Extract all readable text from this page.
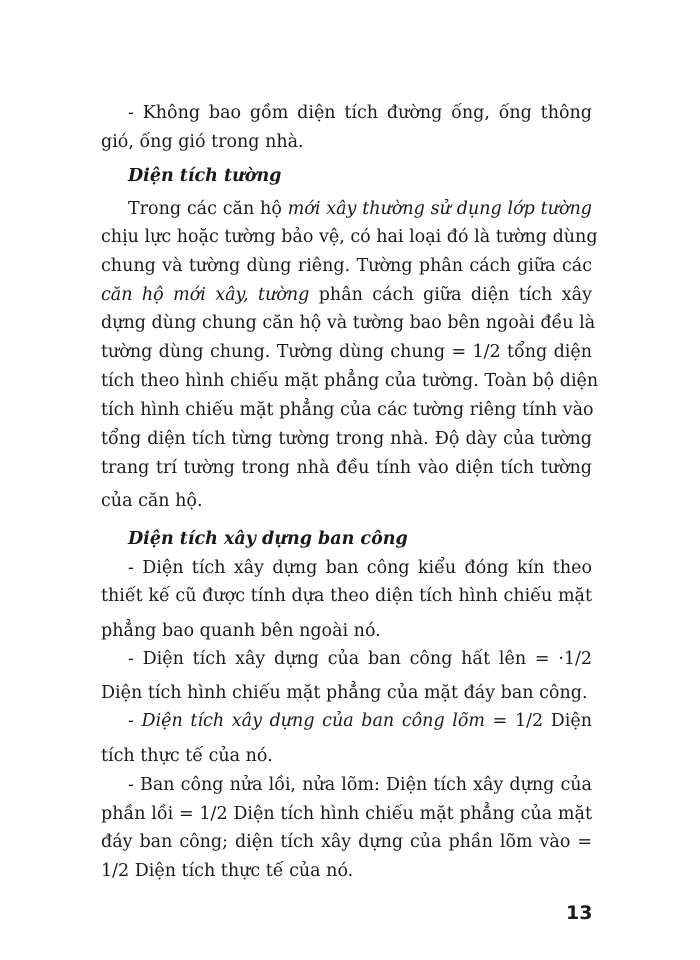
- Không bao gồm diện tích đường ống, ống thông
gió, ống gió trong nhà.
Diện tích tường
Trong các căn hộ mới xây thường sử dụng lớp tường
chịu lực hoặc tường bảo vệ, có hai loại đó là tường dùng
chung và tường dùng riêng. Tường phân cách giữa các
căn hộ mới xây, tường phân cách giữa diện tích xây
dựng dùng chung căn hộ và tường bao bên ngoài đều là
tường dùng chung. Tường dùng chung = 1/2 tổng diện
tích theo hình chiếu mặt phẳng của tường. Toàn bộ diện
tích hình chiếu mặt phẳng của các tường riêng tính vào
tổng diện tích từng tường trong nhà. Độ dày của tường
trang trí tường trong nhà đều tính vào diện tích tường
của căn hộ.
Diện tích xây dựng ban công
- Diện tích xây dựng ban công kiểu đóng kín theo
thiết kế cũ được tính dựa theo diện tích hình chiếu mặt
phẳng bao quanh bên ngoài nó.
- Diện tích xây dựng của ban công hất lên = ·1/2
Diện tích hình chiếu mặt phẳng của mặt đáy ban công.
- Diện tích xây dựng của ban công lõm = 1/2 Diện
tích thực tế của nó.
- Ban công nửa lồi, nửa lõm: Diện tích xây dựng của
phần lồi = 1/2 Diện tích hình chiếu mặt phẳng của mặt
đáy ban công; diện tích xây dựng của phần lõm vào =
1/2 Diện tích thực tế của nó.
13
